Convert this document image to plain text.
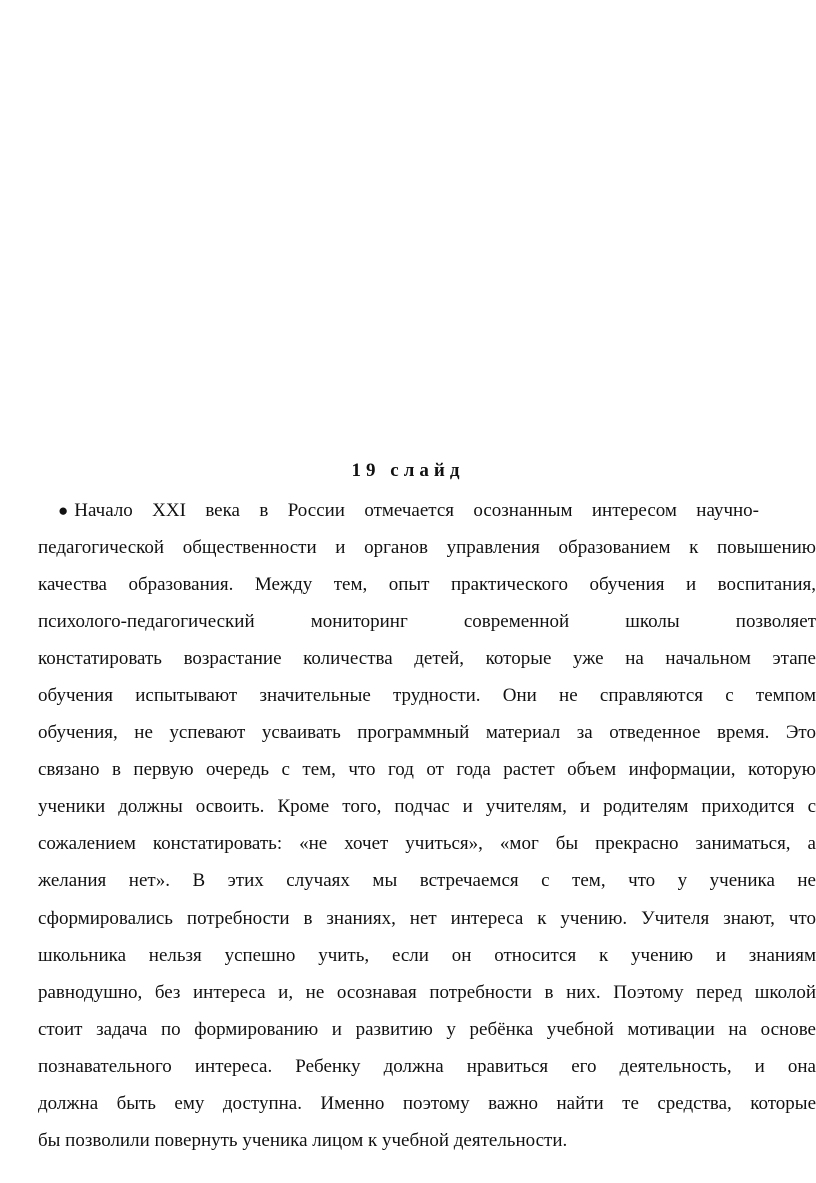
19 слайд
● Начало XXI века в России отмечается осознанным интересом научно-
педагогической общественности и органов управления образованием к повышению
качества образования. Между тем, опыт практического обучения и воспитания,
психолого-педагогический мониторинг современной школы позволяет
констатировать возрастание количества детей, которые уже на начальном этапе
обучения испытывают значительные трудности. Они не справляются с темпом
обучения, не успевают усваивать программный материал за отведенное время. Это
связано в первую очередь с тем, что год от года растет объем информации, которую
ученики должны освоить. Кроме того, подчас и учителям, и родителям приходится с
сожалением констатировать: «не хочет учиться», «мог бы прекрасно заниматься, а
желания нет». В этих случаях мы встречаемся с тем, что у ученика не
сформировались потребности в знаниях, нет интереса к учению. Учителя знают, что
школьника нельзя успешно учить, если он относится к учению и знаниям
равнодушно, без интереса и, не осознавая потребности в них. Поэтому перед школой
стоит задача по формированию и развитию у ребёнка учебной мотивации на основе
познавательного интереса. Ребенку должна нравиться его деятельность, и она
должна быть ему доступна. Именно поэтому важно найти те средства, которые
бы позволили повернуть ученика лицом к учебной деятельности.
